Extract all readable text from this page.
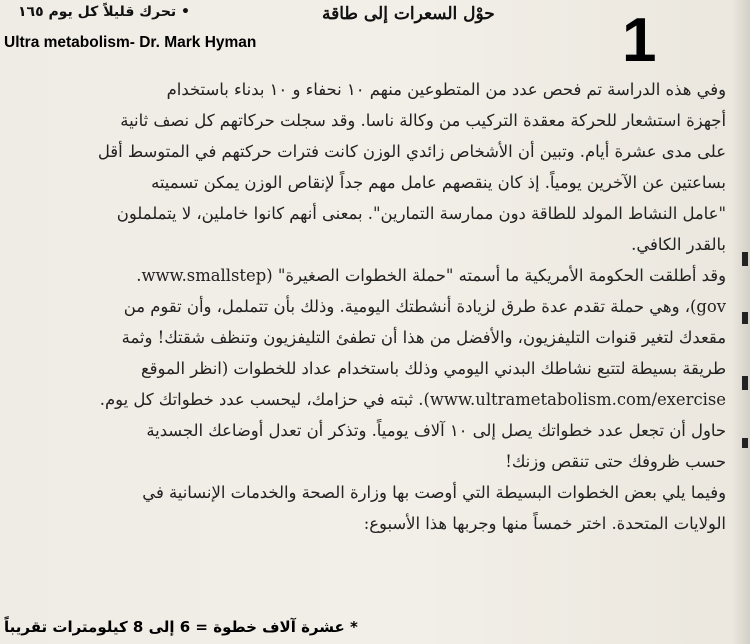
• تحرك قليلاً كل يوم ١٦٥	حوْل السعرات إلى طاقة 1
Ultra metabolism- Dr. Mark Hyman
وفي هذه الدراسة تم فحص عدد من المتطوعين منهم ١٠ نحفاء و ١٠ بدناء باستخدام
أجهزة استشعار للحركة معقدة التركيب من وكالة ناسا. وقد سجلت حركاتهم كل نصف ثانية
على مدى عشرة أيام. وتبين أن الأشخاص زائدي الوزن كانت فترات حركتهم في المتوسط أقل
بساعتين عن الآخرين يومياً. إذ كان ينقصهم عامل مهم جداً لإنقاص الوزن يمكن تسميته
"عامل النشاط المولد للطاقة دون ممارسة التمارين". بمعنى أنهم كانوا خاملين، لا يتململون
بالقدر الكافي.
وقد أطلقت الحكومة الأمريكية ما أسمته "حملة الخطوات الصغيرة" (www.smallstep.
gov)، وهي حملة تقدم عدة طرق لزيادة أنشطتك اليومية. وذلك بأن تتململ، وأن تقوم من
مقعدك لتغير قنوات التليفزيون، والأفضل من هذا أن تطفئ التليفزيون وتنظف شقتك! وثمة
طريقة بسيطة لتتبع نشاطك البدني اليومي وذلك باستخدام عداد للخطوات (انظر الموقع
www.ultrametabolism.com/exercise). ثبته في حزامك، ليحسب عدد خطواتك كل يوم.
حاول أن تجعل عدد خطواتك يصل إلى ١٠ آلاف يومياً. وتذكر أن تعدل أوضاعك الجسدية
حسب ظروفك حتى تنقص وزنك!
وفيما يلي بعض الخطوات البسيطة التي أوصت بها وزارة الصحة والخدمات الإنسانية في
الولايات المتحدة. اختر خمساً منها وجربها هذا الأسبوع:
* عشرة آلاف خطوة = 6 إلى 8 كيلومترات تقريباً
